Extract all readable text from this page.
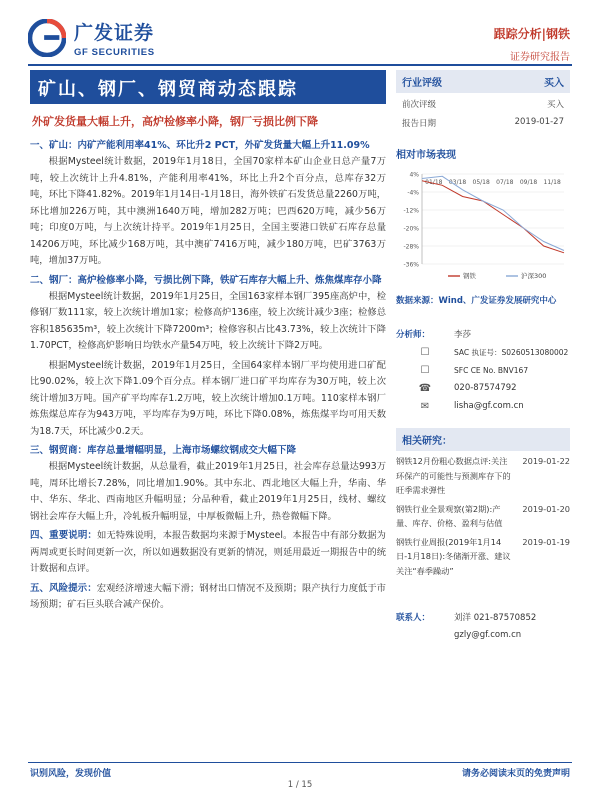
广发证券
GF SECURITIES
跟踪分析|钢铁
证券研究报告
矿山、钢厂、钢贸商动态跟踪
外矿发货量大幅上升，高炉检修率小降，钢厂亏损比例下降
一、矿山：内矿产能利用率41%、环比升2 PCT，外矿发货量大幅上升11.09%

根据Mysteel统计数据，2019年1月18日，全国70家样本矿山企业日总产量7万吨，较上次统计上升4.81%，产能利用率41%，环比上升2个百分点，总库存32万吨，环比下降41.82%。2019年1月14日-1月18日，海外铁矿石发货总量2260万吨，环比增加226万吨，其中澳洲1640万吨，增加282万吨；巴西620万吨，减少56万吨；印度0万吨，与上次统计持平。2019年1月25日，全国主要港口铁矿石库存总量14206万吨，环比减少168万吨，其中澳矿7416万吨，减少180万吨，巴矿3763万吨，增加37万吨。

二、钢厂：高炉检修率小降，亏损比例下降，铁矿石库存大幅上升、炼焦煤库存小降

根据Mysteel统计数据，2019年1月25日，全国163家样本钢厂395座高炉中，检修钢厂数111家，较上次统计增加1家；检修高炉136座，较上次统计减少3座；检修总容积185635m³，较上次统计下降7200m³；检修容积占比43.73%，较上次统计下降1.70PCT，检修高炉影响日均铁水产量54万吨，较上次统计下降2万吨。

根据Mysteel统计数据，2019年1月25日，全国64家样本钢厂平均使用进口矿配比90.02%，较上次下降1.09个百分点。样本钢厂进口矿平均库存为30万吨，较上次统计增加3万吨。国产矿平均库存1.2万吨，较上次统计增加0.1万吨。110家样本钢厂炼焦煤总库存为943万吨，平均库存为9万吨，环比下降0.08%，炼焦煤平均可用天数为18.7天，环比减少0.2天。

三、钢贸商：库存总量增幅明显，上海市场螺纹钢成交大幅下降

根据Mysteel统计数据，从总量看，截止2019年1月25日，社会库存总量达993万吨，周环比增长7.28%，同比增加1.90%。其中东北、西北地区大幅上升，华南、华中、华东、华北、西南地区升幅明显；分品种看，截止2019年1月25日，线材、螺纹钢社会库存大幅上升，冷轧板升幅明显，中厚板微幅上升，热卷微幅下降。

四、重要说明：如无特殊说明，本报告数据均来源于Mysteel。本报告中有部分数据为两周或更长时间更新一次，所以如遇数据没有更新的情况，则延用最近一期报告中的统计数据和点评。

五、风险提示：宏观经济增速大幅下滑；钢材出口情况不及预期；限产执行力度低于市场预期；矿石巨头联合减产保价。

行业评级	买入
前次评级	买入
报告日期	2019-01-27
相对市场表现
4%
-4%
-12%
-20%
-28%
-36%
01/18 03/18 05/18 07/18 09/18 11/18
钢铁	沪深300
数据来源：Wind、广发证券发展研究中心
分析师：	李莎
☐	SAC 执证号：S0260513080002
☐	SFC CE No. BNV167
☎	020-87574792
✉	lisha@gf.com.cn
相关研究：
钢铁12月份粗心数据点评:关注环保产的可能性与预测库存下的旺季需求弹性
2019-01-22
钢铁行业全景观察(第2期):产量、库存、价格、盈利与估值
2019-01-20
钢铁行业周报(2019年1月14日-1月18日):冬储渐开涨、建议关注“春季躁动”
2019-01-19
联系人：	刘洋 021-87570852
gzly@gf.com.cn
识别风险，发现价值	请务必阅读末页的免责声明
1 / 15
